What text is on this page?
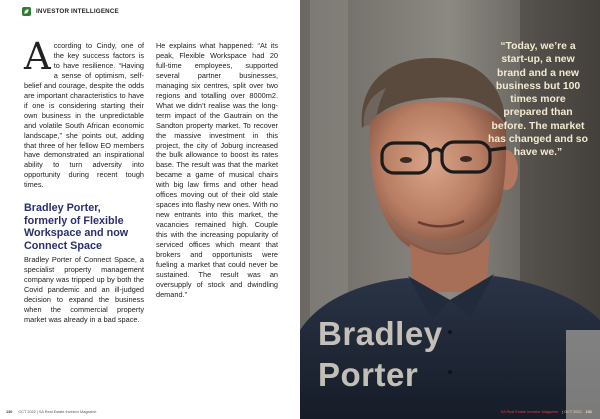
INVESTOR INTELLIGENCE

According to Cindy, one of the key success factors is to have resilience. “Having a sense of optimism, self-belief and courage, despite the odds are important characteristics to have if one is considering starting their own business in the unpredictable and volatile South African economic landscape,” she points out, adding that three of her fellow EO members have demonstrated an inspirational ability to turn adversity into opportunity during recent tough times.

Bradley Porter, formerly of Flexible Workspace and now Connect Space

Bradley Porter of Connect Space, a specialist property management company was tripped up by both the Covid pandemic and an ill-judged decision to expand the business when the commercial property market was already in a bad space.

He explains what happened: “At its peak, Flexible Workspace had 20 full-time employees, supported several partner businesses, managing six centres, split over two regions and totalling over 8000m2. What we didn’t realise was the long-term impact of the Gautrain on the Sandton property market. To recover the massive investment in this project, the city of Joburg increased the bulk allowance to boost its rates base. The result was that the market became a game of musical chairs with big law firms and other head offices moving out of their old stale spaces into flashy new ones. With no new entrants into this market, the vacancies remained high. Couple this with the increasing popularity of serviced offices which meant that brokers and opportunists were fueling a market that could never be sustained. The result was an oversupply of stock and dwindling demand.”

130 OCT 2022 | SA Real Estate Investor Magazine
“Today, we’re a start-up, a new brand and a new business but 100 times more prepared than before. The market has changed and so have we.”
Bradley
Porter
SA Real Estate Investor Magazine | OCT 2022 131
